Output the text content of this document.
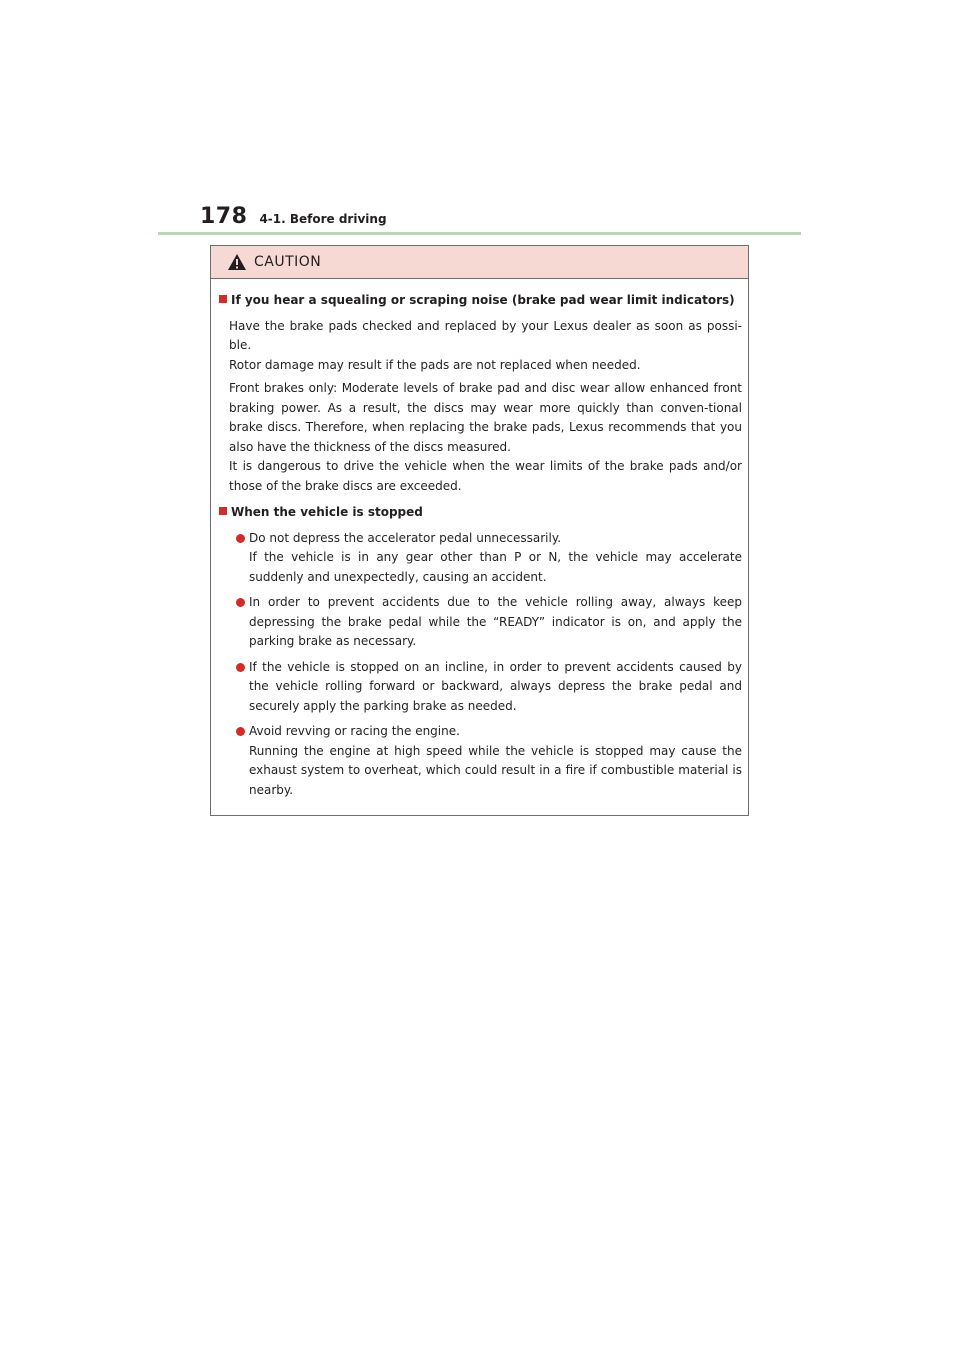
178 4-1. Before driving
CAUTION
If you hear a squealing or scraping noise (brake pad wear limit indicators)

Have the brake pads checked and replaced by your Lexus dealer as soon as possi-ble.
Rotor damage may result if the pads are not replaced when needed.

Front brakes only: Moderate levels of brake pad and disc wear allow enhanced front braking power. As a result, the discs may wear more quickly than conven-tional brake discs. Therefore, when replacing the brake pads, Lexus recommends that you also have the thickness of the discs measured.
It is dangerous to drive the vehicle when the wear limits of the brake pads and/or those of the brake discs are exceeded.

When the vehicle is stopped
Do not depress the accelerator pedal unnecessarily.
If the vehicle is in any gear other than P or N, the vehicle may accelerate suddenly and unexpectedly, causing an accident.
In order to prevent accidents due to the vehicle rolling away, always keep depressing the brake pedal while the “READY” indicator is on, and apply the parking brake as necessary.
If the vehicle is stopped on an incline, in order to prevent accidents caused by the vehicle rolling forward or backward, always depress the brake pedal and securely apply the parking brake as needed.
Avoid revving or racing the engine.
Running the engine at high speed while the vehicle is stopped may cause the exhaust system to overheat, which could result in a fire if combustible material is nearby.
